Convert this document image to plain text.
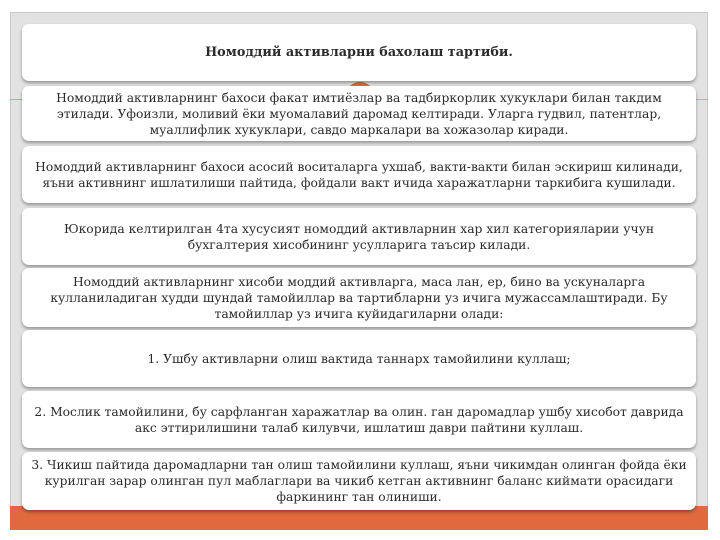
Номоддий активларни бахолаш тартиби.
Номоддий активларнинг бахоси факат имтиёзлар ва тадбиркорлик хукуклари билан такдим этилади. Уфоизли, моливий ёки муомалавий даромад келтиради. Уларга гудвил, патентлар, муаллифлик хукуклари, савдо маркалари ва хожазолар киради.
Номоддий активларнинг бахоси асосий воситаларга ухшаб, вакти-вакти билан эскириш килинади, яъни активнинг ишлатилиши пайтида, фойдали вакт ичида харажатларни таркибига кушилади.
Юкорида келтирилган 4та хусусият номоддий активларнин хар хил категорияларии учун бухгалтерия хисобининг усулларига таъсир килади.
Номоддий активларнинг хисоби моддий активларга, маса лан, ер, бино ва ускуналарга кулланиладиган худди шундай тамойиллар ва тартибларни уз ичига мужассамлаштиради. Бу тамойиллар уз ичига куйидагиларни олади:
1. Ушбу активларни олиш вактида таннарх тамойилини куллаш;
2. Мослик тамойилини, бу сарфланган харажатлар ва олин. ган даромадлар ушбу хисобот даврида акс эттирилишини талаб килувчи, ишлатиш даври пайтини куллаш.
3. Чикиш пайтида даромадларни тан олиш тамойилини куллаш, яъни чикимдан олинган фойда ёки курилган зарар олинган пул маблаглари ва чикиб кетган активнинг баланс киймати орасидаги фаркининг тан олиниши.
